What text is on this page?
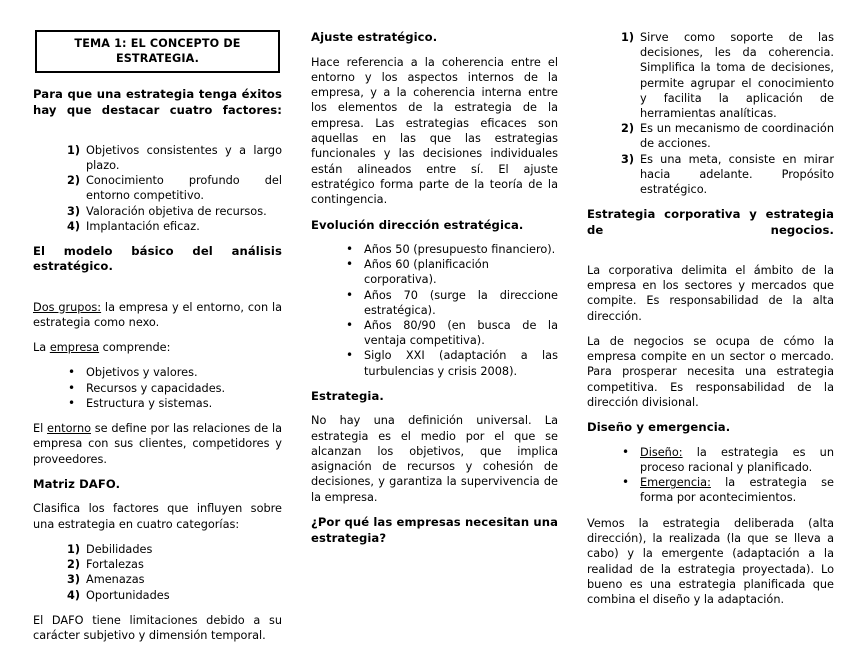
TEMA 1: EL CONCEPTO DE ESTRATEGIA.
Para que una estrategia tenga éxitos hay que destacar cuatro factores:
1) Objetivos consistentes y a largo plazo.
2) Conocimiento profundo del entorno competitivo.
3) Valoración objetiva de recursos.
4) Implantación eficaz.
El modelo básico del análisis estratégico.

Dos grupos: la empresa y el entorno, con la estrategia como nexo.

La empresa comprende:

• Objetivos y valores.
• Recursos y capacidades.
• Estructura y sistemas.

El entorno se define por las relaciones de la empresa con sus clientes, competidores y proveedores.

Matriz DAFO.

Clasifica los factores que influyen sobre una estrategia en cuatro categorías:

1) Debilidades
2) Fortalezas
3) Amenazas
4) Oportunidades

El DAFO tiene limitaciones debido a su carácter subjetivo y dimensión temporal.

Ajuste estratégico.

Hace referencia a la coherencia entre el entorno y los aspectos internos de la empresa, y a la coherencia interna entre los elementos de la estrategia de la empresa. Las estrategias eficaces son aquellas en las que las estrategias funcionales y las decisiones individuales están alineados entre sí. El ajuste estratégico forma parte de la teoría de la contingencia.

Evolución dirección estratégica.
• Años 50 (presupuesto financiero).
• Años 60 (planificación corporativa).
• Años 70 (surge la direccione estratégica).
• Años 80/90 (en busca de la ventaja competitiva).
• Siglo XXI (adaptación a las turbulencias y crisis 2008).
Estrategia.

No hay una definición universal. La estrategia es el medio por el que se alcanzan los objetivos, que implica asignación de recursos y cohesión de decisiones, y garantiza la supervivencia de la empresa.

¿Por qué las empresas necesitan una estrategia?
1) Sirve como soporte de las decisiones, les da coherencia. Simplifica la toma de decisiones, permite agrupar el conocimiento y facilita la aplicación de herramientas analíticas.
2) Es un mecanismo de coordinación de acciones.
3) Es una meta, consiste en mirar hacia adelante. Propósito estratégico.
Estrategia corporativa y estrategia de negocios.

La corporativa delimita el ámbito de la empresa en los sectores y mercados que compite. Es responsabilidad de la alta dirección.

La de negocios se ocupa de cómo la empresa compite en un sector o mercado. Para prosperar necesita una estrategia competitiva. Es responsabilidad de la dirección divisional.

Diseño y emergencia.
• Diseño: la estrategia es un proceso racional y planificado.
• Emergencia: la estrategia se forma por acontecimientos.

Vemos la estrategia deliberada (alta dirección), la realizada (la que se lleva a cabo) y la emergente (adaptación a la realidad de la estrategia proyectada). Lo bueno es una estrategia planificada que combina el diseño y la adaptación.
